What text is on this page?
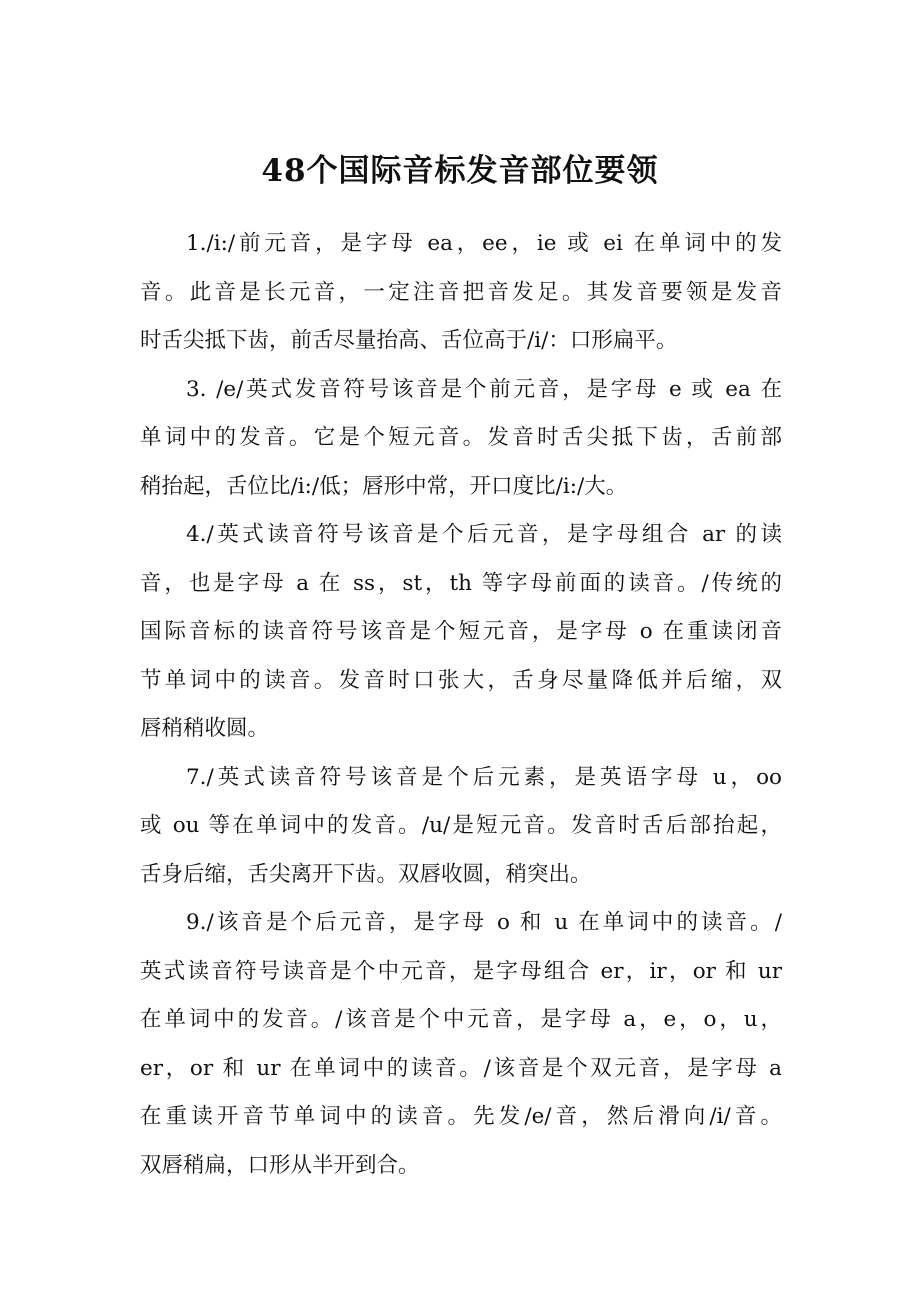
48个国际音标发音部位要领
1./i:/前元音，是字母 ea，ee，ie 或 ei 在单词中的发
音。此音是长元音，一定注音把音发足。其发音要领是发音
时舌尖抵下齿，前舌尽量抬高、舌位高于/i/：口形扁平。
3. /e/英式发音符号该音是个前元音，是字母 e 或 ea 在
单词中的发音。它是个短元音。发音时舌尖抵下齿，舌前部
稍抬起，舌位比/i:/低；唇形中常，开口度比/i:/大。
4./英式读音符号该音是个后元音，是字母组合 ar 的读
音，也是字母 a 在 ss，st，th 等字母前面的读音。/传统的
国际音标的读音符号该音是个短元音，是字母 o 在重读闭音
节单词中的读音。发音时口张大，舌身尽量降低并后缩，双
唇稍稍收圆。
7./英式读音符号该音是个后元素，是英语字母 u，oo
或 ou 等在单词中的发音。/u/是短元音。发音时舌后部抬起，
舌身后缩，舌尖离开下齿。双唇收圆，稍突出。
9./该音是个后元音，是字母 o 和 u 在单词中的读音。/
英式读音符号读音是个中元音，是字母组合 er，ir，or 和 ur
在单词中的发音。/该音是个中元音，是字母 a，e，o，u，
er，or 和 ur 在单词中的读音。/该音是个双元音，是字母 a
在重读开音节单词中的读音。先发/e/音，然后滑向/i/音。
双唇稍扁，口形从半开到合。
